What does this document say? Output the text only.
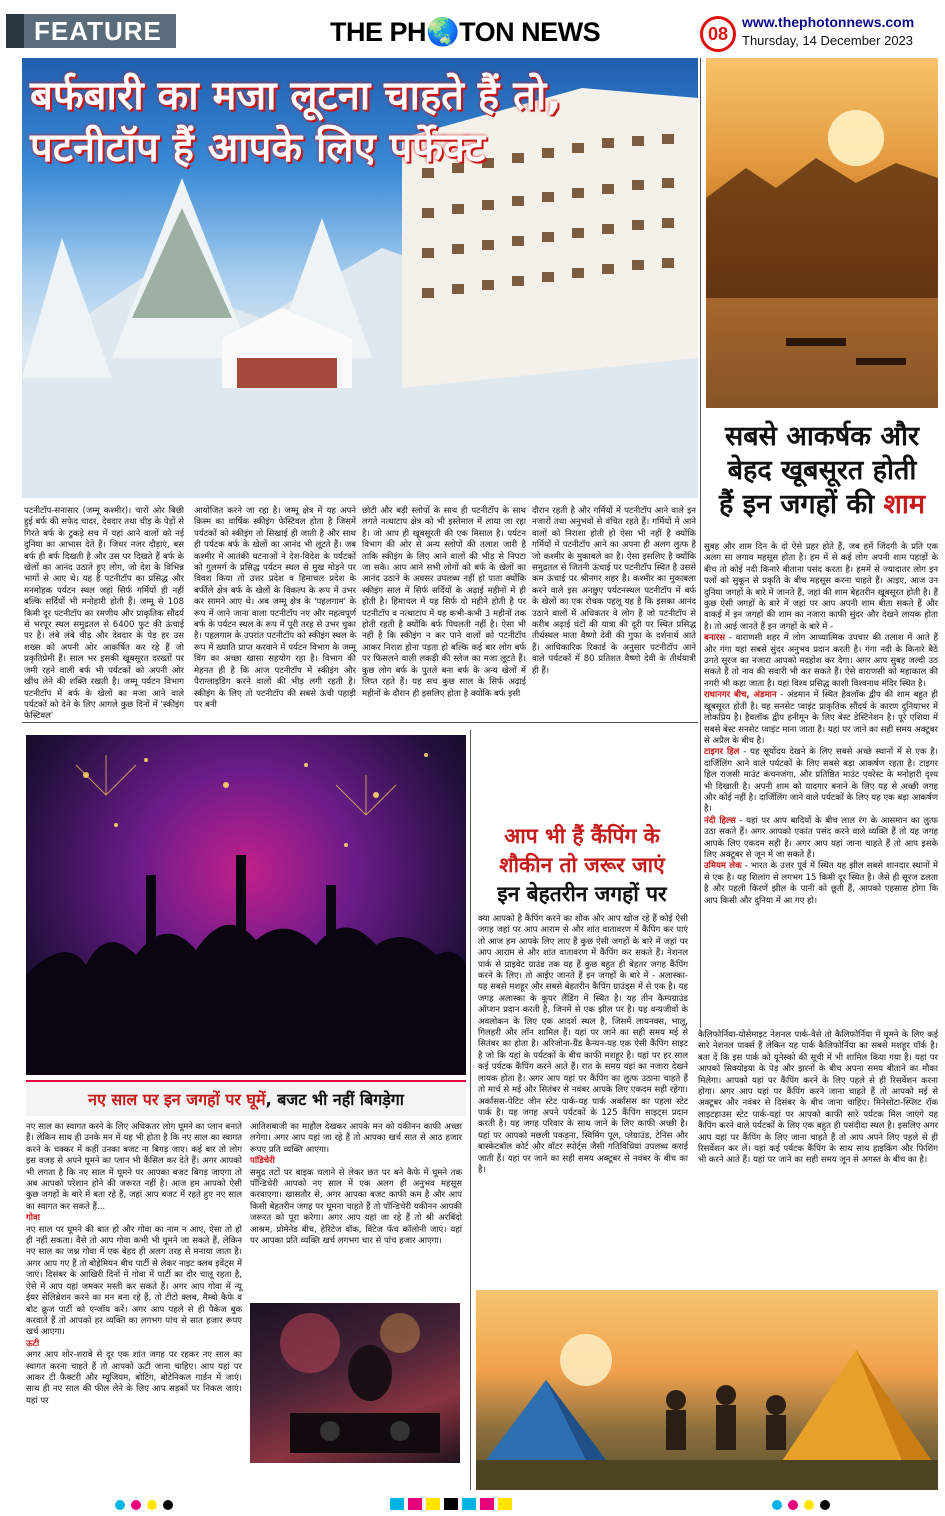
FEATURE	THE PH🌏TON NEWS	08
www.thephotonnews.com
Thursday, 14 December 2023
बर्फबारी का मजा लूटना चाहते हैं तो,
पटनीटॉप हैं आपके लिए पर्फेक्ट
सबसे आकर्षक और
बेहद खूबसूरत होती
हैं इन जगहों की शाम
पटनीटॉप-सनासार (जम्मू कश्मीर)। चारों ओर बिछी हुई बर्फ की सफेद चादर, देवदार तथा चीड़ के पेड़ों से गिरते बर्फ के टुकड़े सच में यहां आने वालों को नई दुनिया का आभास देते हैं। जिधर नजर दौड़ाएं, बस बर्फ ही बर्फ दिखती है और उस पर दिखते हैं बर्फ के खेलों का आनंद उठाते हुए लोग, जो देश के विभिन्न भागों से आए थे। यह है पटनीटॉप का प्रसिद्ध और मनमोहक पर्यटन स्थल जहां सिर्फ गर्मियों ही नहीं बल्कि सर्दियों भी मनोहारी होती हैं। जम्मू से 108 किमी दूर पटनीटॉप का रमणीय और प्राकृतिक सौंदर्य से भरपूर स्थल समुद्रतल से 6400 फुट की ऊंचाई पर है। लंबे लंबे चीड़ और देवदार के पेड़ हर उस शख्स को अपनी ओर आकर्षित कर रहे हैं जो प्रकृतिप्रेमी हैं। साल भर इसकी खूबसूरत दरख्तों पर जमी रहने वाली बर्फ भी पर्यटकों को अपनी ओर खींच लेने की शक्ति रखती है। जम्मू पर्यटन विभाग पटनीटॉप में बर्फ के खेलों का मजा आने वाले पर्यटकों को देने के लिए आगले कुछ दिनों में 'स्कीइंग फेस्टिवल'
आयोजित करने जा रहा है। जम्मू क्षेत्र में यह अपने किस्म का वार्षिक स्कीइंग फेस्टिवल होता है जिसमें पर्यटकों को स्कीइंग तो सिखाई ही जाती है और साथ ही पर्यटक बर्फ के खेलों का आनंद भी लूटते हैं। जब कश्मीर में आतंकी घटनाओं ने देश-विदेश के पर्यटकों को गुलमर्ग के प्रसिद्ध पर्यटन स्थल से मुख मोड़ने पर विवश किया तो उत्तर प्रदेश व हिमाचल प्रदेश के बर्फीले क्षेत्र बर्फ के खेलों के विकल्प के रूप में उभर कर सामने आए थे। अब जम्मू क्षेत्र के 'पहलगाम' के रूप में जाने जाना वाला पटनीटॉप नए और महत्वपूर्ण बर्फ के पर्यटन स्थल के रूप में पूरी तरह से उभर चुका है। पहलगाम के उपरांत पटनीटॉप को स्कीइंग स्थल के रूप में ख्याति प्राप्त करवाने में पर्यटन विभाग के जम्मू विंग का अच्छा खासा सहयोग रहा है। विभाग की मेहनत ही है कि आज पटनीटॉप में स्कीइंग और पैराग्लाइडिंग करने वालों की भीड़ लगी रहती है। स्कीइंग के लिए तो पटनीटॉप की सबसे ऊंची पहाड़ी पर बनी
छोटी और बड़ी स्लोपों के साथ ही पटनीटॉप के साथ लगते नत्थाटाप क्षेत्र को भी इस्तेमाल में लाया जा रहा है। जो आप ही खूबसूरती की एक मिसाल है। पर्यटन विभाग की ओर से अन्य स्लोपों की तलाश जारी है ताकि स्कीइंग के लिए आने वालों की भीड़ से निपटा जा सके। आप आने सभी लोगों को बर्फ के खेलों का आनंद उठाने के अवसर उपलब्ध नहीं हो पाता क्योंकि स्कीइंग साल में सिर्फ सर्दियों के अढ़ाई महीनों में ही होती है। हिमाचल में यह सिर्फ दो महीने होती है पर पटनीटॉप व नत्थाटाप में यह कभी-कभी 3 महीनों तक होती रहती है क्योंकि बर्फ पिघलती नहीं है। ऐसा भी नहीं है कि स्कीइंग न कर पाने वालों को पटनीटॉप आकर निराश होना पड़ता हो बल्कि कई बार लोग बर्फ पर फिसलने वाली लकड़ी की स्लेज का मजा लूटते हैं। कुछ लोग बर्फ के पुतले बना बर्फ के अन्य खेलों में लिप्त रहते हैं। यह सच कुछ साल के सिर्फ अढ़ाई महीनों के दौरान ही इसलिए होता है क्योंकि बर्फ इसी
दौरान रहती है और गर्मियों में पटनीटॉप आने वाले इन नजारों तथा अनुभवों से वंचित रहते हैं। गर्मियों में आने वालों को निराशा होती हो ऐसा भी नहीं है क्योंकि गर्मियों में पटनीटॉप आने का अपना ही अलग लुत्फ है जो कश्मीर के मुकाबले का है। ऐसा इसलिए है क्योंकि समुद्रतल से जितनी ऊंचाई पर पटनीटॉप स्थित है उससे कम ऊंचाई पर श्रीनगर शहर है। कश्मीर का मुकाबला करने वाले इस अनछुए पर्यटनस्थल पटनीटॉप में बर्फ के खेलों का एक रोचक पहलू यह है कि इसका आनंद उठाने वालों में अधिकतर वे लोग हैं जो पटनीटॉप से करीब अढ़ाई घंटों की यात्रा की दूरी पर स्थित प्रसिद्ध तीर्थस्थल माता वैष्णो देवी की गुफा के दर्शनार्थ आते हैं। आधिकारिक रिकार्ड के अनुसार पटनीटॉप आने वाले पर्यटकों में 80 प्रतिशत वैष्णो देवी के तीर्थयात्री ही हैं।

सुबह और शाम दिन के दो ऐसे प्रहर होते हैं, जब हमें जिंदगी के प्रति एक अलग सा लगाव महसूस होता है। हम में से कई लोग अपनी शाम पहाड़ों के बीच तो कोई नदी किनारे बीताना पसंद करता है। हममें से ज्यादातर लोग इन पलों को सुकून से प्रकृति के बीच महसूस करना चाहते हैं। आइए, आज उन दुनिया जगहों के बारे में जानते हैं, जहां की शाम बेहतरीन खूबसूरत होती है। हैं कुछ ऐसी जगहों के बारे में जहां पर आप अपनी शाम बीता सकते हैं और वाकई में इन जगहों की शाम का नजारा काफी सुंदर और देखने लायक होता है। तो आई जानते हैं इन जगहों के बारे में -

बनारस - वाराणसी शहर में लोग आध्यात्मिक उपचार की तलाश में आते हैं और गंगा यहां सबसे सुंदर अनुभव प्रदान करती है। गंगा नदी के किनारे बैठें उगते सूरज का नजारा आपको मदहोश कर देगा। अगर आप सुबह जल्दी उठ सकते हैं तो नाव की सवारी भी कर सकते हैं। ऐसे वाराणसी को महाकाल की नगरी भी कहा जाता है। यहां विश्व प्रसिद्ध काशी विश्वनाथ मंदिर स्थित है।

राधानगर बीच, अंडमान - अंडमान में स्थित हैवलॉक द्वीप की शाम बहुत ही खूबसूरत होती है। यह सनसेट प्वाइंट प्राकृतिक सौंदर्य के कारण दुनियाभर में लोकप्रिय है। हैवलॉक द्वीप हनीमून के लिए बेस्ट डेस्टिनेशन है। पूरे एशिया में सबसे बेस्ट सनसेट प्वाइंट माना जाता है। यहां पर जाने का सही समय अक्टूबर से अप्रैल के बीच है।

टाइगर हिल - यह सूर्योदय देखने के लिए सबसे अच्छे स्थानों में से एक है। दार्जिलिंग आने वाले पर्यटकों के लिए सबसे बड़ा आकर्षण रहता है। टाइगर हिल राजसी माउंट कंचनजंगा, और प्रतिष्ठित माउंट एवरेस्ट के मनोहारी दृश्य भी दिखाती है। अपनी शाम को यादगार बनाने के लिए यह से अच्छी जगह और कोई नहीं है। दार्जिलिंग जाने वाले पर्यटकों के लिए यह एक बड़ा आकर्षण है।

नंदी हिल्स - यहां पर आप बादियों के बीच लाल रंग के आसमान का लुत्फ उठा सकते हैं। अगर आपको एकांत पसंद करने वाले व्यक्ति हैं तो यह जगह आपके लिए एकदम सही है। अगर आप यहां जाना चाहते हैं तो आप इसके लिए अक्टूबर से जून में जा सकते हैं।

उमियम लेक - भारत के उत्तर पूर्व में स्थित यह झील सबसे शानदार स्थानों में से एक है। यह शिलांग से लगभग 15 किमी दूर स्थित है। जैसे ही सूरज ढलता है और पहली किरणें झील के पानी को छूती हैं, आपको एहसास होगा कि आप किसी और दुनिया में आ गए हो।

नए साल पर इन जगहों पर घूमें, बजट भी नहीं बिगड़ेगा

नए साल का स्वागत करने के लिए अधिकतर लोग घूमने का प्लान बनाते हैं। लेकिन साथ ही उनके मन में यह भी होता है कि नए साल का स्वागत करने के चक्कर में कहीं उनका बजट ना बिगड़ जाए। कई बार तो लोग इस वजह से अपने घूमने का प्लान भी कैंसिल कर देते हैं। अगर आपको भी लगता है कि नए साल में घूमने पर आपका बजट बिगड़ जाएगा तो अब आपको परेशान होने की जरूरत नहीं है। आज हम आपको ऐसी कुछ जगहों के बारे में बता रहे हैं, जहां आप बजट में रहते हुए नए साल का स्वागत कर सकते हैं...

गोवा

नए साल पर घूमने की बात हो और गोवा का नाम न आए, ऐसा तो हो ही नहीं सकता। वैसे तो आप गोवा कभी भी घूमने जा सकते हैं, लेकिन नए साल का जश्न गोवा में एक बेहद ही अलग तरह से मनाया जाता है। अगर आप गए हैं तो बोहेमियन बीच पार्टी से लेकर नाइट क्लब इवेंट्स में जाएं। दिसंबर के आखिरी दिनों में गोवा में पार्टी का दौर चालू रहता है, ऐसे में आप यहां जमकर मस्ती कर सकते हैं। अगर आप गोवा में न्यू ईयर सेलिब्रेशन करने का मन बना रहे हैं, तो टीटो क्लब, मैम्बो कैफे व बोट क्रूज पार्टी को एन्जॉय करें। अगर आप पहले से ही पैकेज बुक करवाते हैं तो आपको हर व्यक्ति का लगभग पांच से सात हजार रूपए खर्च आएगा।

ऊटी

अगर आप शोर-शराबे से दूर एक शांत जगह पर रहकर नए साल का स्वागत करना चाहते हैं तो आपको ऊटी जाना चाहिए। आप यहां पर आकर टी फैक्टरी और म्यूजियम, बोटिंग, बोटेनिकल गार्डन में जाएं। साथ ही नए साल की फील लेने के लिए आप सड़कों पर निकल जाएं। यहां पर

आतिशबाजी का माहौल देखकर आपके मन को यकीनन काफी अच्छा लगेगा। अगर आप यहां जा रहे हैं तो आपका खर्च सात से आठ हजार रूपए प्रति व्यक्ति आएगा।

पांडिचेरी

समुद्र तटों पर बाइक चलाने से लेकर छत पर बने कैफे में घूमने तक पॉन्डिचेरी आपको नए साल में एक अलग ही अनुभव महसूस करवाएगा। खासतौर से, अगर आपका बजट काफी कम है और आप किसी बेहतरीन जगह पर घूमना चाहते हैं तो पॉन्डिचेरी यकीनन आपकी जरूरत को पूरा करेगा। अगर आप यहां जा रहे हैं तो श्री अरबिंदो आश्रम, प्रोमेनेड बीच, हेरिटेज वॉक, विंटेज फॅच कॉलोनी जाएं। यहां पर आपका प्रति व्यक्ति खर्च लगभग चार से पांच हजार आएगा।

आप भी हैं कैंपिंग के
शौकीन तो जरूर जाएं
इन बेहतरीन जगहों पर
क्या आपको है कैंपिंग करने का शौक और आप खोज रहे हैं कोई ऐसी जगह जहां पर आप आराम से और शांत वातावरण में कैंपिंग कर पाएं तो आज हम आपके लिए लाए हैं कुछ ऐसी जगहों के बारे में जहां पर आप आराम से और शांत वातावरण में कैंपिंग कर सकते हैं। नेशनल पार्क से प्राइवेट ग्राउंड तक यह हैं कुछ बहुत ही बेहतर जगह कैंपिंग करने के लिए। तो आईए जानते हैं इन जगहों के बारे में - अलास्का-यह सबसे मशहूर और सबसे बेहतरीन कैंपिंग ग्राउंड्स में से एक है। यह जगह अलास्का के कूपर लैंडिंग में स्थित है। यह तीन कैम्पग्राउंड ऑप्शन प्रदान करती है, जिनमें से एक झील पर है। यह वन्यजीवों के अवलोकन के लिए एक आदर्श स्थल है, जिसमें लायनक्स, भालू, गिलहरी और लॉन शामिल हैं। यहां पर जाने का सही समय मई से सितंबर का होता है। अरिजोना-ग्रैंड कैन्यन-यह एक ऐसी कैंपिंग साइट है जो कि यहां के पर्यटकों के बीच काफी मशहूर है। यहां पर हर साल कई पर्यटक कैंपिंग करने आते हैं। रात के समय यहां का नजारा देखने लायक होता है। अगर आप यहां पर कैंपिंग का लुत्फ उठाना चाहते हैं तो मार्च से मई और सितंबर से नवंबर आपके लिए एकदम सही रहेगा। अर्कांसस-पेटिट जीन स्टेट पार्क-यह पार्क अर्कांसस का पहला स्टेट पार्क है। यह जगह अपने पर्यटकों के 125 कैंपिंग साइट्स प्रदान करती है। यह जगह परिवार के साथ जाने के लिए काफी अच्छी है। यहां पर आपको मछली पकड़ना, स्विमिंग पूल, प्लेग्राउंड, टेनिस और बास्केटबॉल कोर्ट और वॉटर स्पोर्ट्स जैसी गतिविधियां उपलब्ध कराई जाती हैं। यहां पर जाने का सही समय अक्टूबर से नवंबर के बीच का है।
कैलिफोर्निया-योसेमाइट नेशनल पार्क-वैसे तो कैलिफोर्निया में घूमने के लिए कई सारे नेशनल पार्क्स हैं लेकिन यह पार्क कैलिफोर्निया का सबसे मशहूर पॉर्क है। बता दें कि इस पार्क को यूनेस्को की सूची में भी शामिल किया गया है। यहां पर आपको सिक्योइया के पेड़ और झरनों के बीच अपना समय बीताने का मौका मिलेगा। आपको यहां पर कैंपिंग करने के लिए पहले से ही रिसर्वेशन करना होगा। अगर आप यहां पर कैंपिंग करने जाना चाहते हैं तो आपको मई से अक्टूबर और नवंबर से दिसंबर के बीच जाना चाहिए। मिनेसोटा-स्प्लिट रॉक लाइटहाउस स्टेट पार्क-यहां पर आपको काफी सारे पर्यटक मिल जाएंगे यह कैंपिंग करने वाले पर्यटकों के लिए एक बहुत ही पसंदीदा स्थल है। इसलिए अगर आप यहां पर कैंपिंग के लिए जाना चाहते हैं तो आप अपने लिए पहले से ही रिसर्वेशन कर लें। यहां कई पर्यटक कैंपिंग के साथ साथ हाइकिंग और फिशिंग भी करने आते हैं। यहां पर जाने का सही समय जून से अगस्त के बीच का है।
